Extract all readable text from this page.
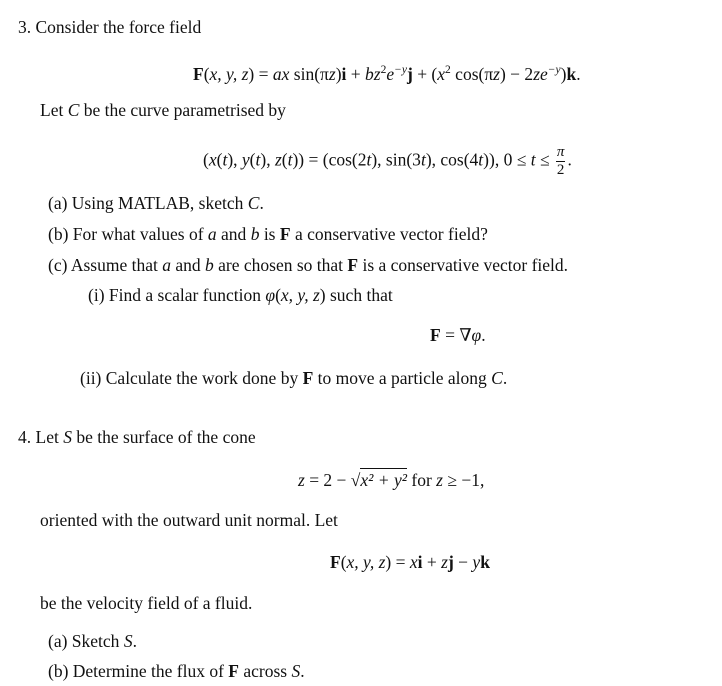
3. Consider the force field
F(x, y, z) = ax $\sin(\pi z)i + bz^2e^{-y}j + (x^2$ $\cos(\pi z) - 2ze^{-y})k$.
Let C be the curve parametrised by
(x(t), y(t), z(t)) = (cos(2t), sin(3t), cos(4t)), $0 \le t \le \frac{\pi}{2}$ .
(a) Using MATLAB, sketch C.
(b) For what values of a and b is F a conservative vector field?
(c) Assume that a and b are chosen so that F is a conservative vector field.
(i) Find a scalar function φ(x, y, z) such that
F = ∇φ.
(ii) Calculate the work done by F to move a particle along C.
4. Let S be the surface of the cone
z = 2 − √x² + y² for z ≥ −1,
oriented with the outward unit normal. Let
F(x, y, z) = xi + zj − yk
be the velocity field of a fluid.
(a) Sketch S.
(b) Determine the flux of F across S.
